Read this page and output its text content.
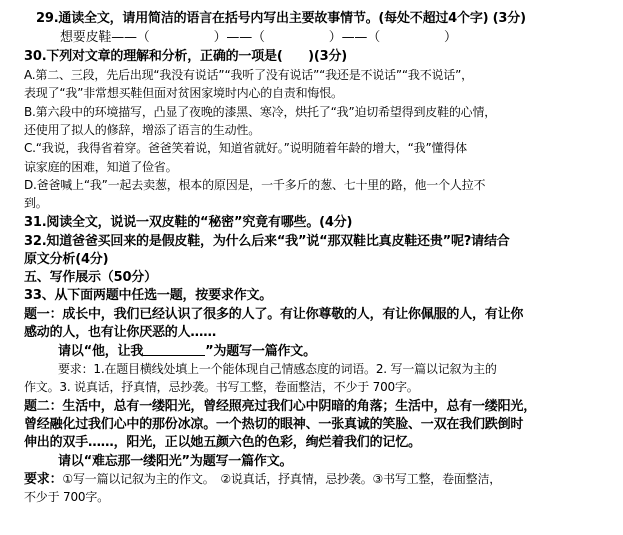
29.通读全文，请用简洁的语言在括号内写出主要故事情节。(每处不超过4个字) (3分)
想要皮鞋——（　　　　　）——（　　　　　）——（　　　　　）
30.下列对文章的理解和分析，正确的一项是(　　)(3分)
A.第二、三段，先后出现“我没有说话”“我听了没有说话”“我还是不说话”“我不说话”，
表现了“我”非常想买鞋但面对贫困家境时内心的自责和悔恨。
B.第六段中的环境描写，凸显了夜晚的漆黑、寒冷，烘托了“我”迫切希望得到皮鞋的心情，
还使用了拟人的修辞，增添了语言的生动性。
C.“我说，我得省着穿。爸爸笑着说，知道省就好。”说明随着年龄的增大，“我”懂得体
谅家庭的困难，知道了俭省。
D.爸爸喊上“我”一起去卖葱，根本的原因是，一千多斤的葱、七十里的路，他一个人拉不
到。
31.阅读全文，说说一双皮鞋的“秘密”究竟有哪些。(4分)
32.知道爸爸买回来的是假皮鞋，为什么后来“我”说“那双鞋比真皮鞋还贵”呢?请结合
原文分析(4分)
五、写作展示（50分）
33、从下面两题中任选一题，按要求作文。
题一：成长中，我们已经认识了很多的人了。有让你尊敬的人，有让你佩服的人，有让你
感动的人，也有让你厌恶的人……
请以“他，让我	”为题写一篇作文。
要求：1.在题目横线处填上一个能体现自己情感态度的词语。2. 写一篇以记叙为主的
作文。3. 说真话，抒真情，忌抄袭。书写工整，卷面整洁，不少于 700字。
题二：生活中，总有一缕阳光，曾经照亮过我们心中阴暗的角落；生活中，总有一缕阳光，
曾经融化过我们心中的那份冰凉。一个热切的眼神、一张真诚的笑脸、一双在我们跌倒时
伸出的双手……，阳光，正以她五颜六色的色彩，绚烂着我们的记忆。
请以“难忘那一缕阳光”为题写一篇作文。
要求：①写一篇以记叙为主的作文。　②说真话，抒真情，忌抄袭。③书写工整，卷面整洁，
不少于 700字。
